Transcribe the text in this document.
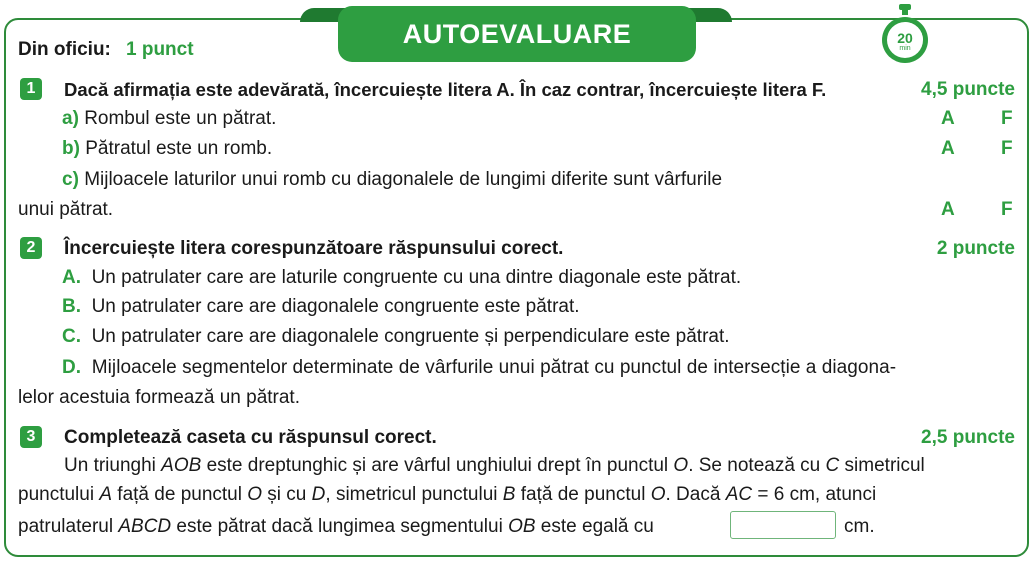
AUTOEVALUARE	20
min
Din oficiu: 1 punct
1	Dacă afirmația este adevărată, încercuiește litera A. În caz contrar, încercuiește litera F.	4,5 puncte
a) Rombul este un pătrat.	A F
b) Pătratul este un romb.	A F
c) Mijloacele laturilor unui romb cu diagonalele de lungimi diferite sunt vârfurile
unui pătrat.	A F
2	Încercuiește litera corespunzătoare răspunsului corect.	2 puncte
A. Un patrulater care are laturile congruente cu una dintre diagonale este pătrat.
B. Un patrulater care are diagonalele congruente este pătrat.
C. Un patrulater care are diagonalele congruente și perpendiculare este pătrat.
D. Mijloacele segmentelor determinate de vârfurile unui pătrat cu punctul de intersecție a diagona-
lelor acestuia formează un pătrat.
3	Completează caseta cu răspunsul corect.	2,5 puncte
Un triunghi AOB este dreptunghic și are vârful unghiului drept în punctul O. Se notează cu C simetricul
punctului A față de punctul O și cu D, simetricul punctului B față de punctul O. Dacă AC = 6 cm, atunci
patrulaterul ABCD este pătrat dacă lungimea segmentului OB este egală cu	cm.
